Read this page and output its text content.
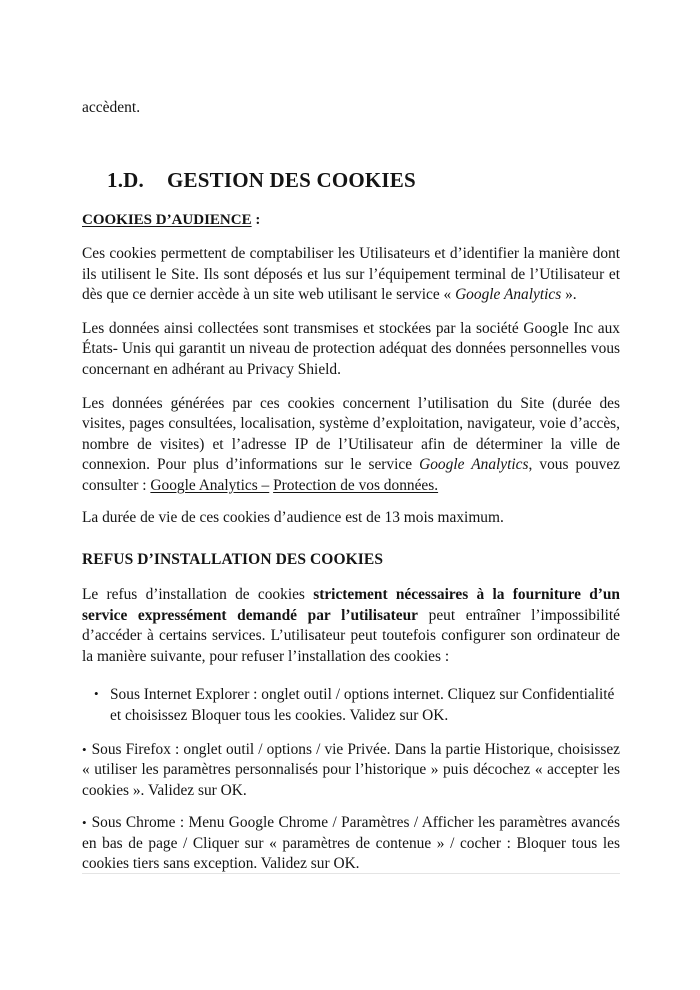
accèdent.
1.D. GESTION DES COOKIES
COOKIES D’AUDIENCE :

Ces cookies permettent de comptabiliser les Utilisateurs et d’identifier la manière dont ils utilisent le Site. Ils sont déposés et lus sur l’équipement terminal de l’Utilisateur et dès que ce dernier accède à un site web utilisant le service « Google Analytics ».

Les données ainsi collectées sont transmises et stockées par la société Google Inc aux États- Unis qui garantit un niveau de protection adéquat des données personnelles vous concernant en adhérant au Privacy Shield.

Les données générées par ces cookies concernent l’utilisation du Site (durée des visites, pages consultées, localisation, système d’exploitation, navigateur, voie d’accès, nombre de visites) et l’adresse IP de l’Utilisateur afin de déterminer la ville de connexion. Pour plus d’informations sur le service Google Analytics, vous pouvez consulter : Google Analytics – Protection de vos données.

La durée de vie de ces cookies d’audience est de 13 mois maximum.

REFUS D’INSTALLATION DES COOKIES

Le refus d’installation de cookies strictement nécessaires à la fourniture d’un service expressément demandé par l’utilisateur peut entraîner l’impossibilité d’accéder à certains services. L’utilisateur peut toutefois configurer son ordinateur de la manière suivante, pour refuser l’installation des cookies :

• Sous Internet Explorer : onglet outil / options internet. Cliquez sur Confidentialité et choisissez Bloquer tous les cookies. Validez sur OK.

• Sous Firefox : onglet outil / options / vie Privée. Dans la partie Historique, choisissez « utiliser les paramètres personnalisés pour l’historique » puis décochez « accepter les cookies ». Validez sur OK.

• Sous Chrome : Menu Google Chrome / Paramètres / Afficher les paramètres avancés en bas de page / Cliquer sur « paramètres de contenue » / cocher : Bloquer tous les cookies tiers sans exception. Validez sur OK.
